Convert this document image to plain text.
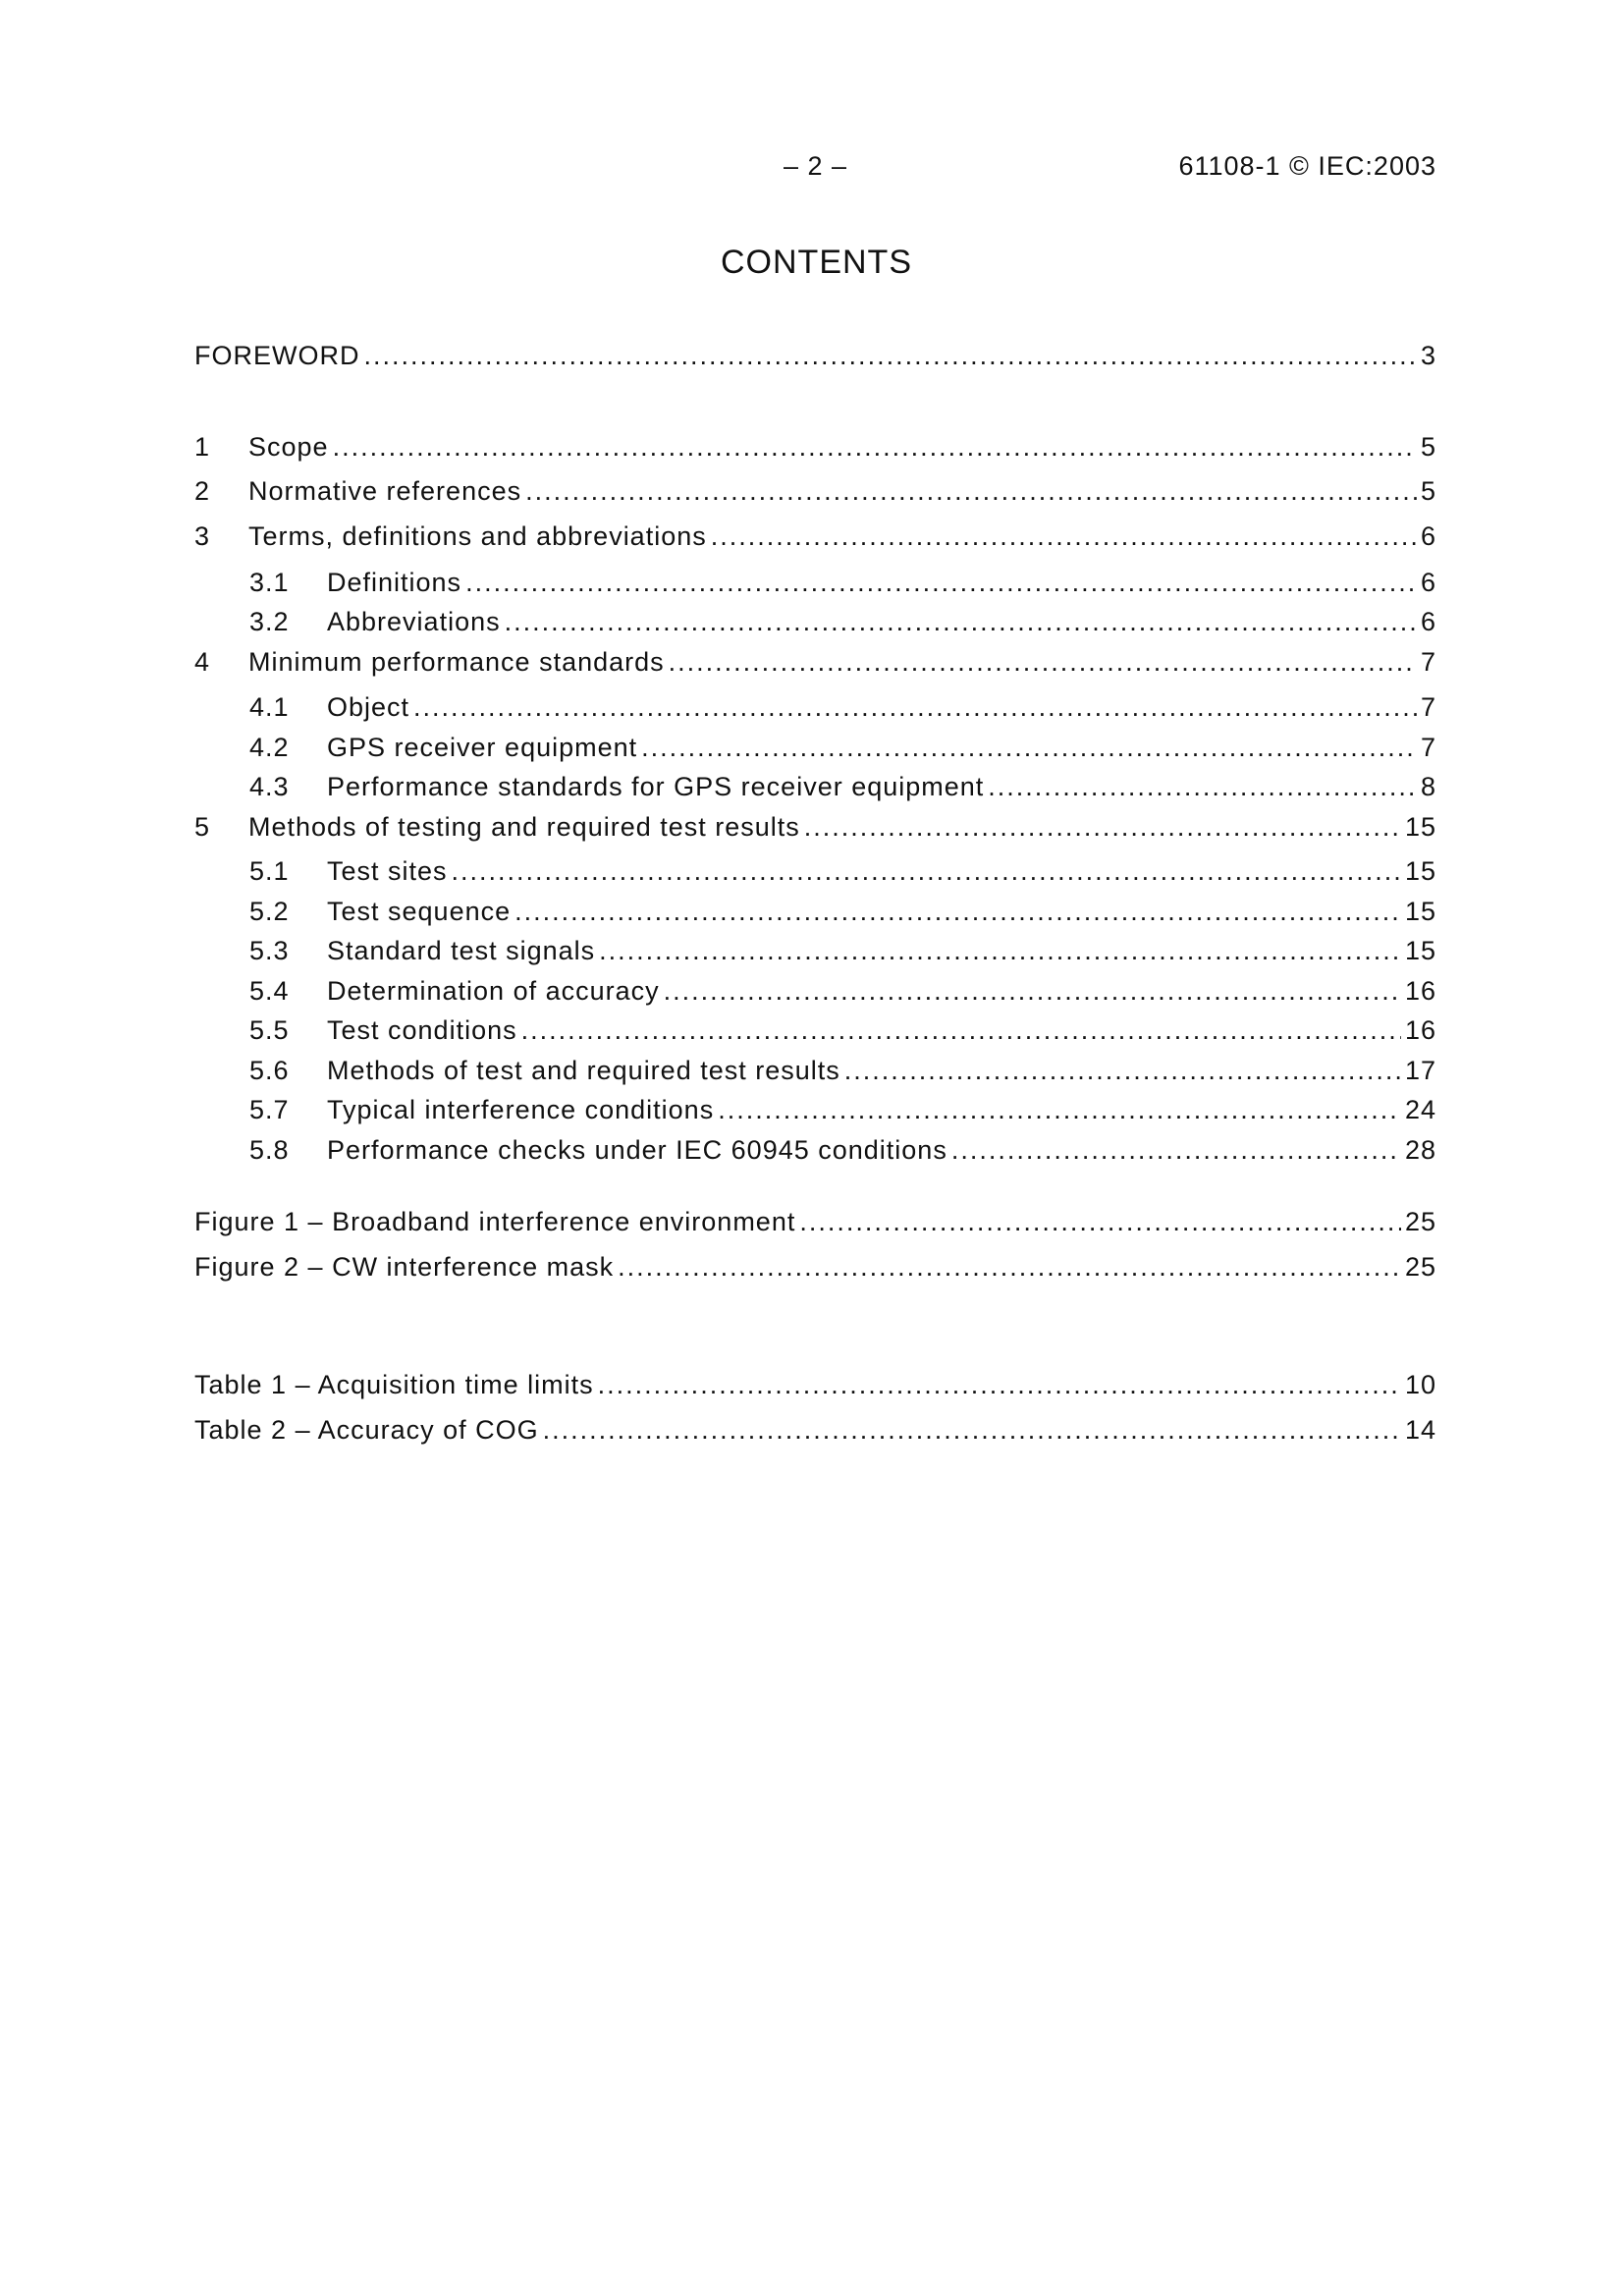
– 2 –	61108-1 © IEC:2003
CONTENTS
FOREWORD .....	3
1 Scope .....	5
2 Normative references .....	5
3 Terms, definitions and abbreviations .....	6
3.1 Definitions .....	6
3.2 Abbreviations .....	6
4 Minimum performance standards .....	7
4.1 Object .....	7
4.2 GPS receiver equipment .....	7
4.3 Performance standards for GPS receiver equipment .....	8
5 Methods of testing and required test results .....	15
5.1 Test sites .....	15
5.2 Test sequence .....	15
5.3 Standard test signals .....	15
5.4 Determination of accuracy .....	16
5.5 Test conditions .....	16
5.6 Methods of test and required test results .....	17
5.7 Typical interference conditions .....	24
5.8 Performance checks under IEC 60945 conditions .....	28
Figure 1 – Broadband interference environment .....	25
Figure 2 – CW interference mask .....	25
Table 1 – Acquisition time limits .....	10
Table 2 – Accuracy of COG .....	14
